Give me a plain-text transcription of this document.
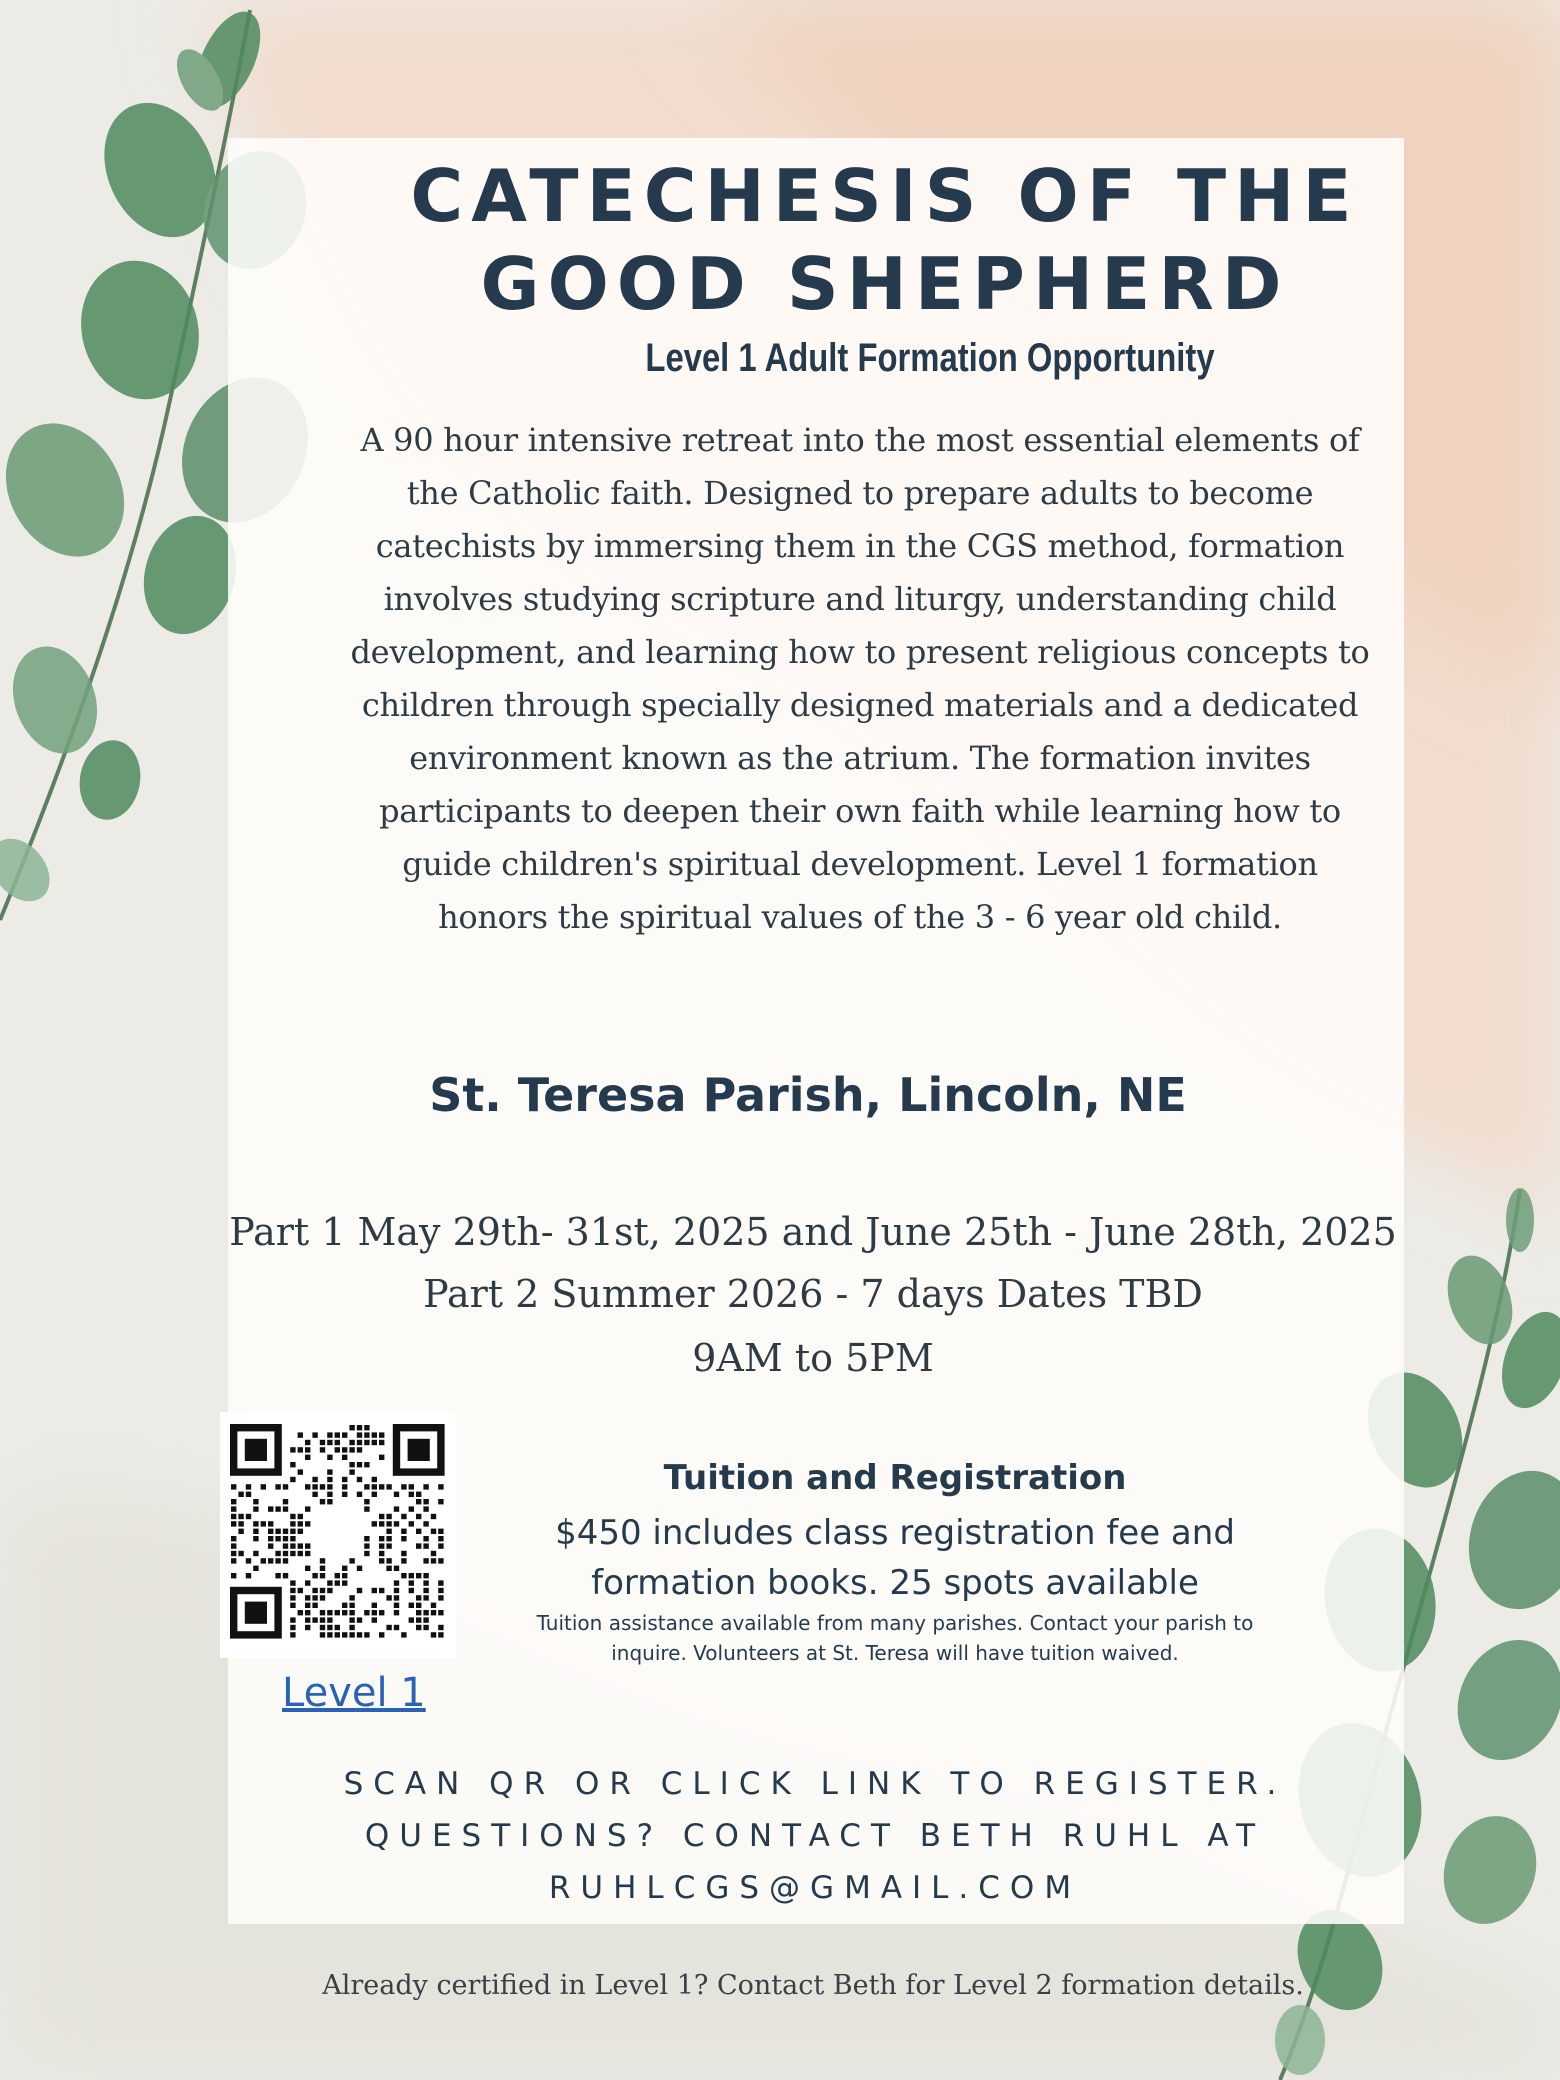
CATECHESIS OF THE
GOOD SHEPHERD
Level 1 Adult Formation Opportunity
A 90 hour intensive retreat into the most essential elements of
the Catholic faith. Designed to prepare adults to become
catechists by immersing them in the CGS method, formation
involves studying scripture and liturgy, understanding child
development, and learning how to present religious concepts to
children through specially designed materials and a dedicated
environment known as the atrium. The formation invites
participants to deepen their own faith while learning how to
guide children's spiritual development. Level 1 formation
honors the spiritual values of the 3 - 6 year old child.
St. Teresa Parish, Lincoln, NE
Part 1 May 29th- 31st, 2025 and June 25th - June 28th, 2025
Part 2 Summer 2026 - 7 days Dates TBD
9AM to 5PM
Level 1
Tuition and Registration
$450 includes class registration fee and
formation books. 25 spots available
Tuition assistance available from many parishes. Contact your parish to
inquire. Volunteers at St. Teresa will have tuition waived.
SCAN QR OR CLICK LINK TO REGISTER.
QUESTIONS? CONTACT BETH RUHL AT
RUHLCGS@GMAIL.COM
Already certified in Level 1? Contact Beth for Level 2 formation details.
